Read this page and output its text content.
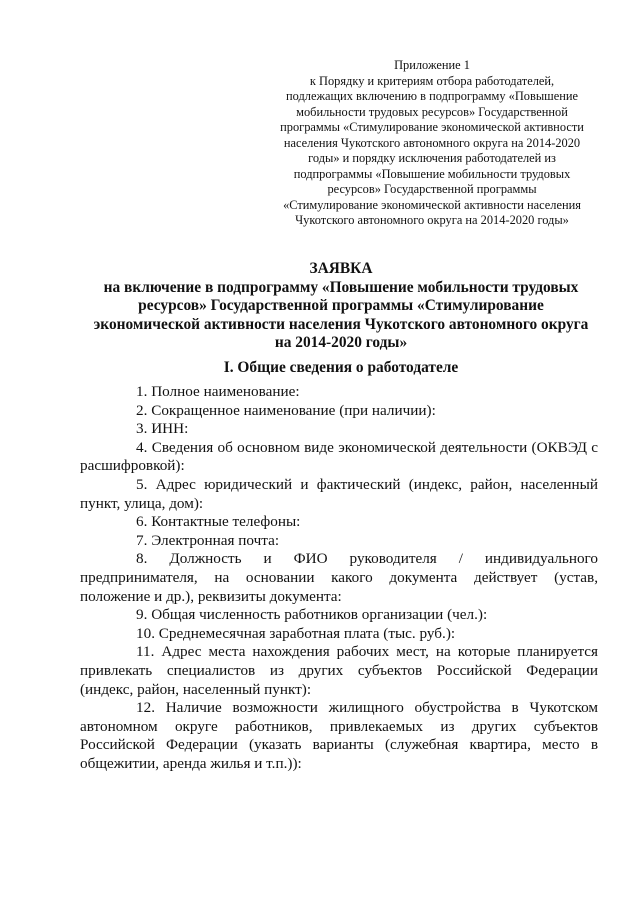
Приложение 1
к Порядку и критериям отбора работодателей,
подлежащих включению в подпрограмму «Повышение
мобильности трудовых ресурсов» Государственной
программы «Стимулирование экономической активности
населения Чукотского автономного округа на 2014-2020
годы» и порядку исключения работодателей из
подпрограммы «Повышение мобильности трудовых
ресурсов» Государственной программы
«Стимулирование экономической активности населения
Чукотского автономного округа на 2014-2020 годы»
ЗАЯВКА
на включение в подпрограмму «Повышение мобильности трудовых
ресурсов» Государственной программы «Стимулирование
экономической активности населения Чукотского автономного округа
на 2014-2020 годы»
I. Общие сведения о работодателе
1. Полное наименование:
2. Сокращенное наименование (при наличии):
3. ИНН:
4. Сведения об основном виде экономической деятельности (ОКВЭД с
расшифровкой):
5. Адрес юридический и фактический (индекс, район, населенный
пункт, улица, дом):
6. Контактные телефоны:
7. Электронная почта:
8. Должность и ФИО руководителя / индивидуального
предпринимателя, на основании какого документа действует (устав,
положение и др.), реквизиты документа:
9. Общая численность работников организации (чел.):
10. Среднемесячная заработная плата (тыс. руб.):
11. Адрес места нахождения рабочих мест, на которые планируется
привлекать специалистов из других субъектов Российской Федерации
(индекс, район, населенный пункт):
12. Наличие возможности жилищного обустройства в Чукотском
автономном округе работников, привлекаемых из других субъектов
Российской Федерации (указать варианты (служебная квартира, место в
общежитии, аренда жилья и т.п.)):
